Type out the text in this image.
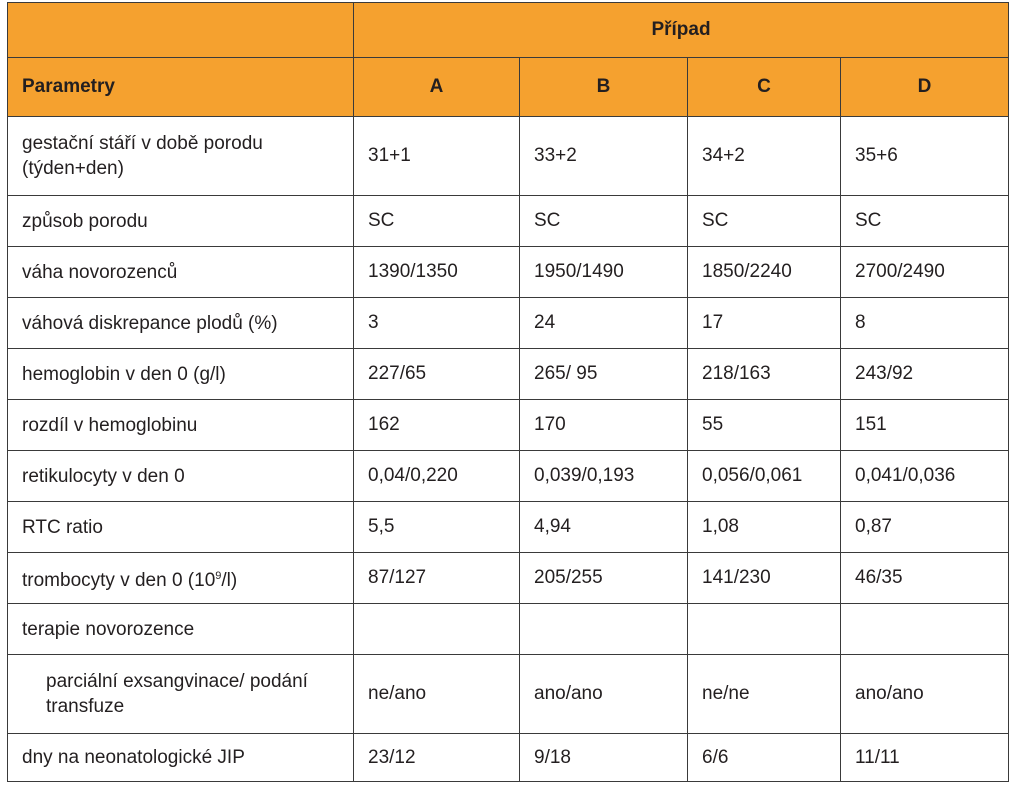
	Případ			
Parametry	A	B	C	D
gestační stáří v době porodu (týden+den)	31+1	33+2	34+2	35+6
způsob porodu	SC	SC	SC	SC
váha novorozenců	1390/1350	1950/1490	1850/2240	2700/2490
váhová diskrepance plodů (%)	3	24	17	8
hemoglobin v den 0 (g/l)	227/65	265/ 95	218/163	243/92
rozdíl v hemoglobinu	162	170	55	151
retikulocyty v den 0	0,04/0,220	0,039/0,193	0,056/0,061	0,041/0,036
RTC ratio	5,5	4,94	1,08	0,87
trombocyty v den 0 $(10^9/l)$	87/127	205/255	141/230	46/35
terapie novorozence				
parciální exsangvinace/ podání transfuze	ne/ano	ano/ano	ne/ne	ano/ano
dny na neonatologické JIP	23/12	9/18	6/6	11/11
